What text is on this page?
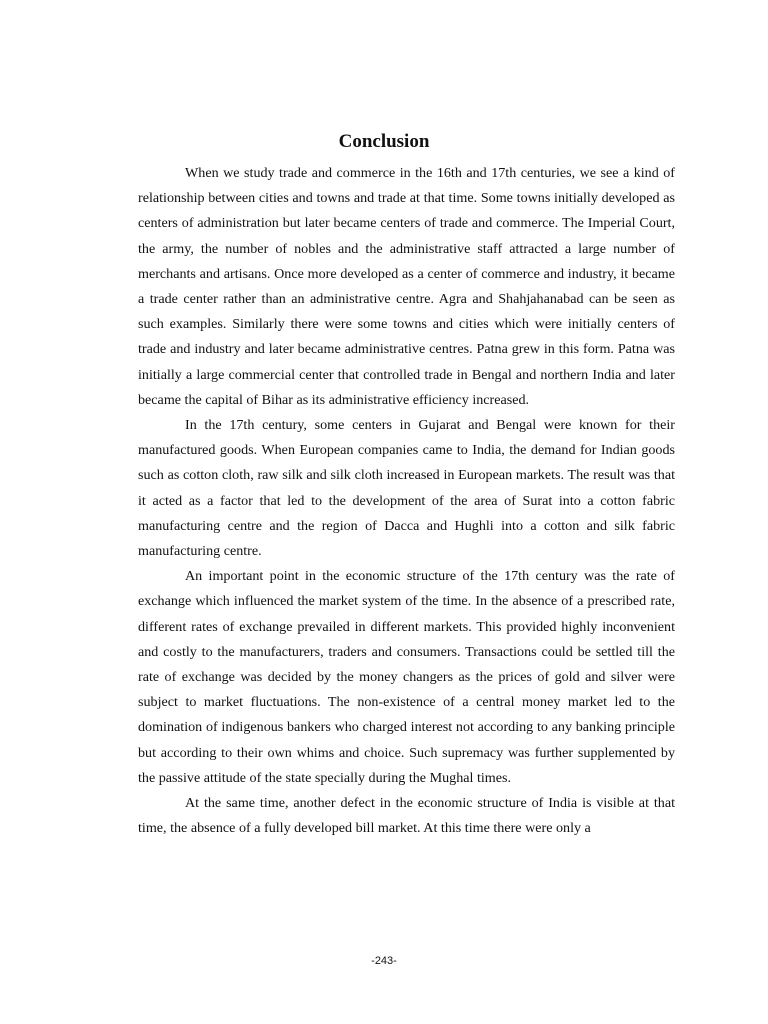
Conclusion

When we study trade and commerce in the 16th and 17th centuries, we see a kind of relationship between cities and towns and trade at that time. Some towns initially developed as centers of administration but later became centers of trade and commerce. The Imperial Court, the army, the number of nobles and the administrative staff attracted a large number of merchants and artisans. Once more developed as a center of commerce and industry, it became a trade center rather than an administrative centre. Agra and Shahjahanabad can be seen as such examples. Similarly there were some towns and cities which were initially centers of trade and industry and later became administrative centres. Patna grew in this form. Patna was initially a large commercial center that controlled trade in Bengal and northern India and later became the capital of Bihar as its administrative efficiency increased.

In the 17th century, some centers in Gujarat and Bengal were known for their manufactured goods. When European companies came to India, the demand for Indian goods such as cotton cloth, raw silk and silk cloth increased in European markets. The result was that it acted as a factor that led to the development of the area of Surat into a cotton fabric manufacturing centre and the region of Dacca and Hughli into a cotton and silk fabric manufacturing centre.

An important point in the economic structure of the 17th century was the rate of exchange which influenced the market system of the time. In the absence of a prescribed rate, different rates of exchange prevailed in different markets. This provided highly inconvenient and costly to the manufacturers, traders and consumers. Transactions could be settled till the rate of exchange was decided by the money changers as the prices of gold and silver were subject to market fluctuations. The non-existence of a central money market led to the domination of indigenous bankers who charged interest not according to any banking principle but according to their own whims and choice. Such supremacy was further supplemented by the passive attitude of the state specially during the Mughal times.

At the same time, another defect in the economic structure of India is visible at that time, the absence of a fully developed bill market. At this time there were only a

-243-
